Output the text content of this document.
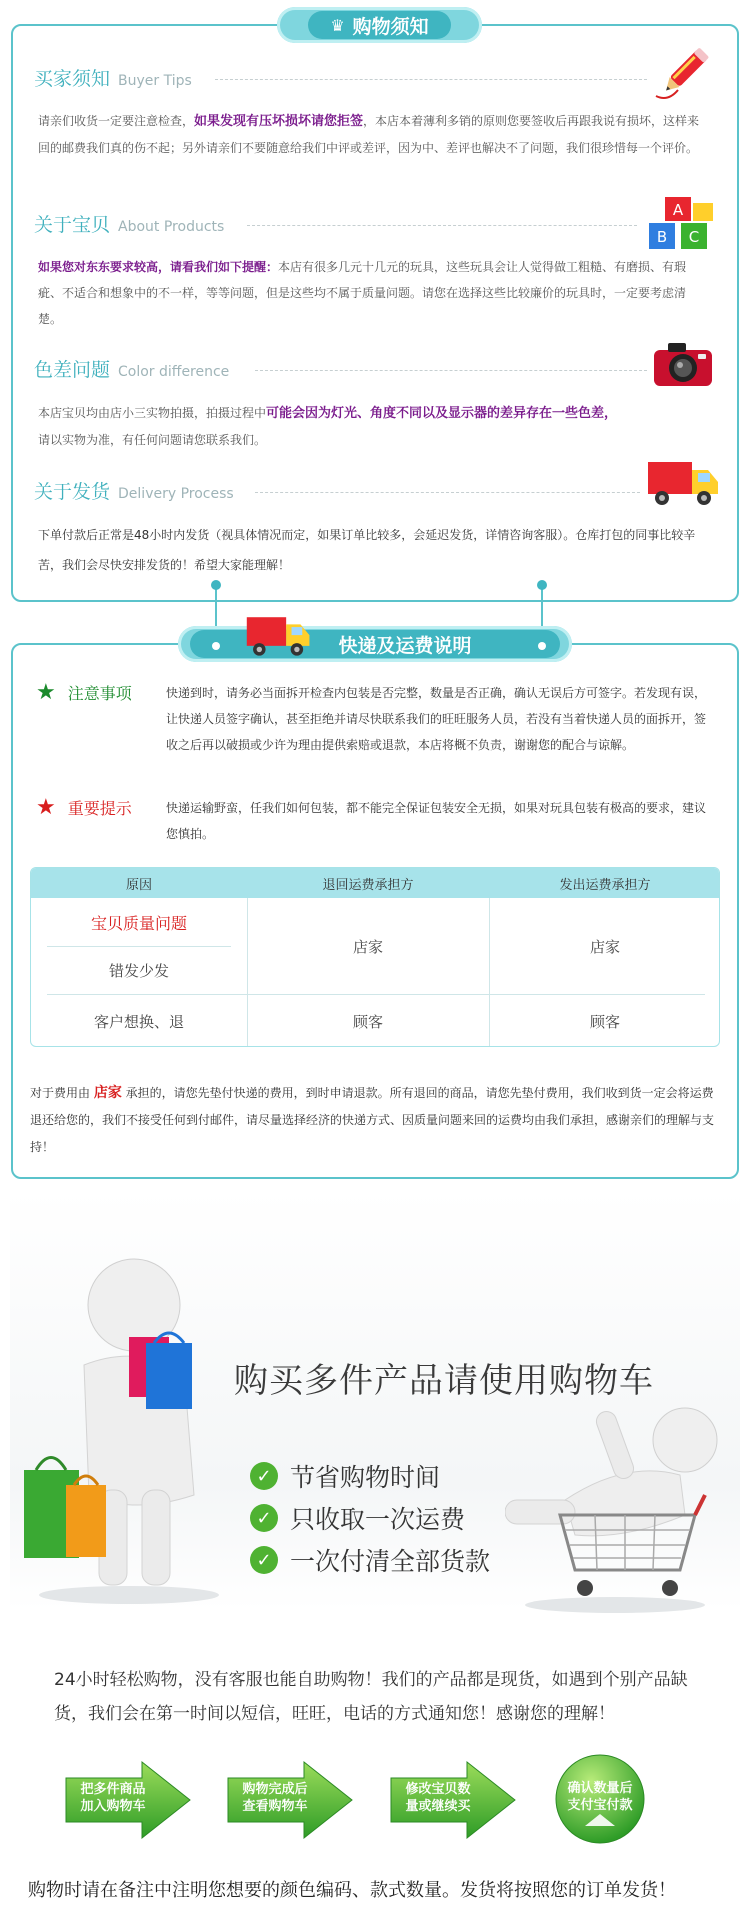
♛ 购物须知
买家须知 Buyer Tips
请亲们收货一定要注意检查，如果发现有压坏损坏请您拒签，本店本着薄利多销的原则您要签收后再跟我说有损坏，这样来回的邮费我们真的伤不起；另外请亲们不要随意给我们中评或差评，因为中、差评也解决不了问题，我们很珍惜每一个评价。
关于宝贝 About Products
A
B C
如果您对东东要求较高，请看我们如下提醒：本店有很多几元十几元的玩具，这些玩具会让人觉得做工粗糙、有磨损、有瑕疵、不适合和想象中的不一样，等等问题，但是这些均不属于质量问题。请您在选择这些比较廉价的玩具时，一定要考虑清楚。
色差问题 Color difference
本店宝贝均由店小三实物拍摄，拍摄过程中可能会因为灯光、角度不同以及显示器的差异存在一些色差，
请以实物为准，有任何问题请您联系我们。
关于发货 Delivery Process
下单付款后正常是48小时内发货（视具体情况而定，如果订单比较多，会延迟发货，详情咨询客服）。仓库打包的同事比较辛苦，我们会尽快安排发货的！希望大家能理解！
快递及运费说明
★ 注意事项	快递到时，请务必当面拆开检查内包装是否完整，数量是否正确，确认无误后方可签字。若发现有误，让快递人员签字确认，甚至拒绝并请尽快联系我们的旺旺服务人员，若没有当着快递人员的面拆开，签收之后再以破损或少许为理由提供索赔或退款，本店将概不负责，谢谢您的配合与谅解。
★ 重要提示	快递运输野蛮，任我们如何包装，都不能完全保证包装安全无损，如果对玩具包装有极高的要求，建议您慎拍。
原因	退回运费承担方	发出运费承担方
宝贝质量问题
错发少发
店家	店家
客户想换、退	顾客	顾客
对于费用由 店家 承担的，请您先垫付快递的费用，到时申请退款。所有退回的商品，请您先垫付费用，我们收到货一定会将运费退还给您的，我们不接受任何到付邮件，请尽量选择经济的快递方式、因质量问题来回的运费均由我们承担，感谢亲们的理解与支持！
购买多件产品请使用购物车
✓ 节省购物时间
✓ 只收取一次运费
✓ 一次付清全部货款
24小时轻松购物，没有客服也能自助购物！我们的产品都是现货，如遇到个别产品缺货，我们会在第一时间以短信，旺旺，电话的方式通知您！感谢您的理解！
把多件商品
加入购物车
购物完成后
查看购物车
修改宝贝数
量或继续买
确认数量后
支付宝付款
购物时请在备注中注明您想要的颜色编码、款式数量。发货将按照您的订单发货！
